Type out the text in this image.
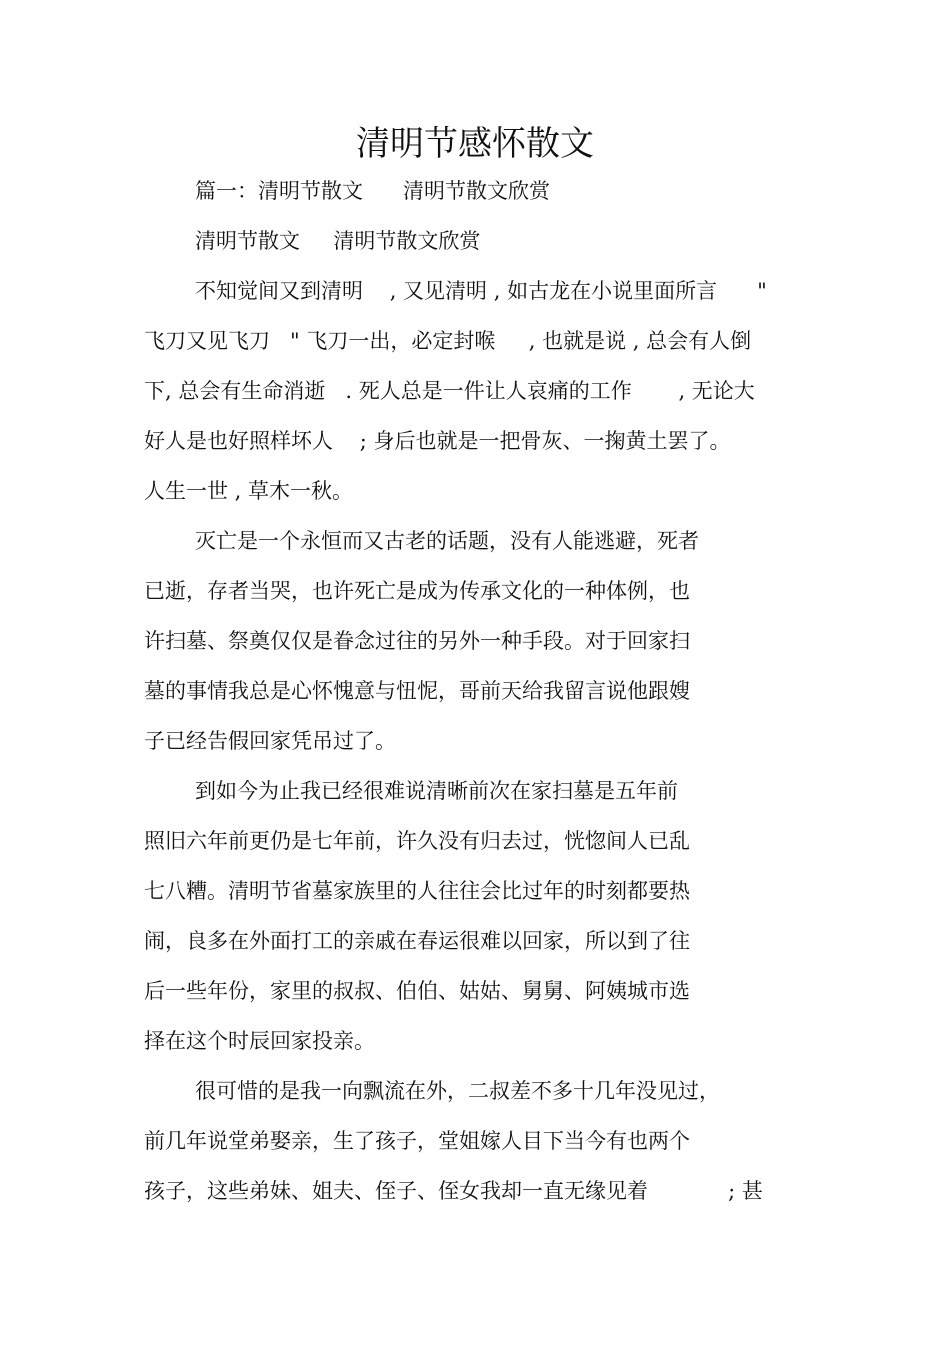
清明节感怀散文

篇一：清明节散文      清明节散文欣赏

清明节散文     清明节散文欣赏

不知觉间又到清明    , 又见清明 , 如古龙在小说里面所言      "

飞刀又见飞刀   " 飞刀一出，必定封喉     , 也就是说 , 总会有人倒

下, 总会有生命消逝   . 死人总是一件让人哀痛的工作       , 无论大

好人是也好照样坏人    ; 身后也就是一把骨灰、一掬黄土罢了。

人生一世 , 草木一秋。

灭亡是一个永恒而又古老的话题，没有人能逃避，死者

已逝，存者当哭，也许死亡是成为传承文化的一种体例，也

许扫墓、祭奠仅仅是眷念过往的另外一种手段。对于回家扫

墓的事情我总是心怀愧意与忸怩，哥前天给我留言说他跟嫂

子已经告假回家凭吊过了。

到如今为止我已经很难说清晰前次在家扫墓是五年前

照旧六年前更仍是七年前，许久没有归去过，恍惚间人已乱

七八糟。清明节省墓家族里的人往往会比过年的时刻都要热

闹，良多在外面打工的亲戚在春运很难以回家，所以到了往

后一些年份，家里的叔叔、伯伯、姑姑、舅舅、阿姨城市选

择在这个时辰回家投亲。

很可惜的是我一向飘流在外，二叔差不多十几年没见过，

前几年说堂弟娶亲，生了孩子，堂姐嫁人目下当今有也两个

孩子，这些弟妹、姐夫、侄子、侄女我却一直无缘见着            ; 甚
